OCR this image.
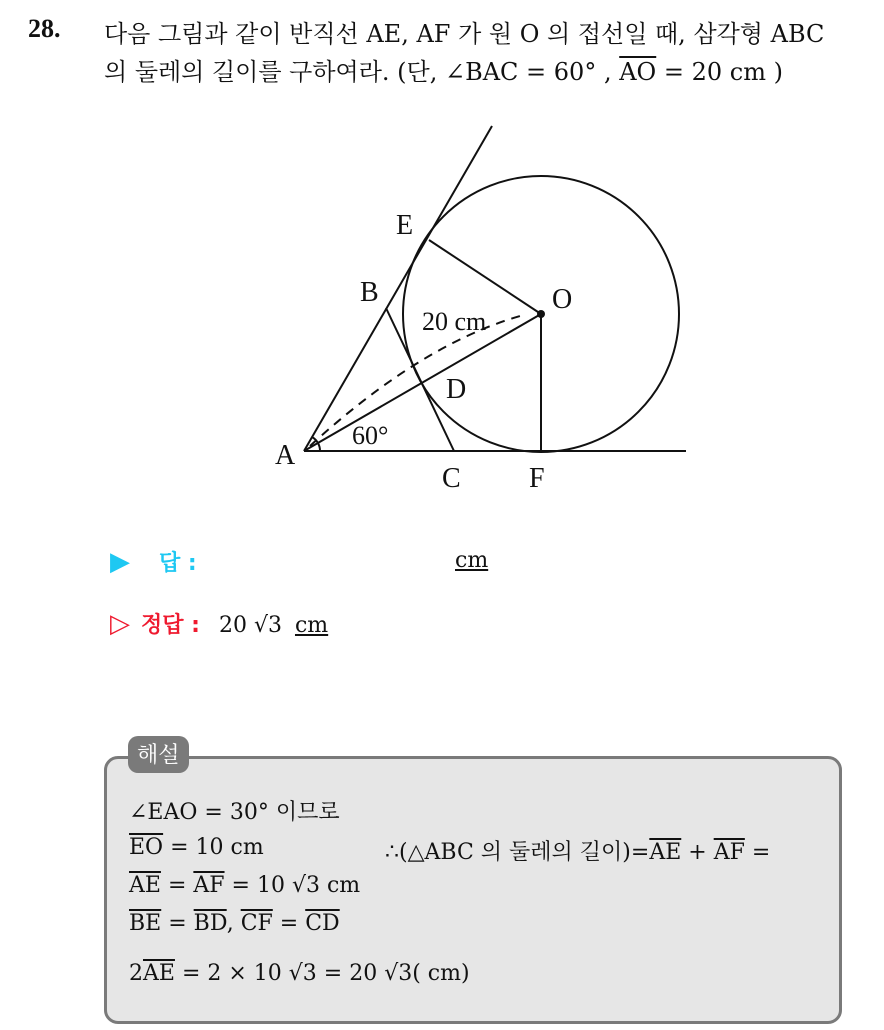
28. 다음 그림과 같이 반직선 AE, AF 가 원 O 의 접선일 때, 삼각형 ABC
의 둘레의 길이를 구하여라. (단, ∠BAC = 60° , $\overline{AO} = 20$ cm )
E
B	O
D
A
C F
60°
20 cm
▶ 답 :	cm
▷ 정답 : 20 √3 cm
∠EAO = 30° 이므로
$\overline{EO} = 10$ cm	∴(△ABC 의 둘레의 길이)$=\overline{AE} + \overline{AF}$ =
$\overline{AE} = \overline{AF} = 10$ √3 cm
$\overline{BE} = \overline{BD}$, $\overline{CF} = \overline{CD}$
$2\overline{AE} = 2 \times 10$ √3 = 20 √3( cm)
해설
